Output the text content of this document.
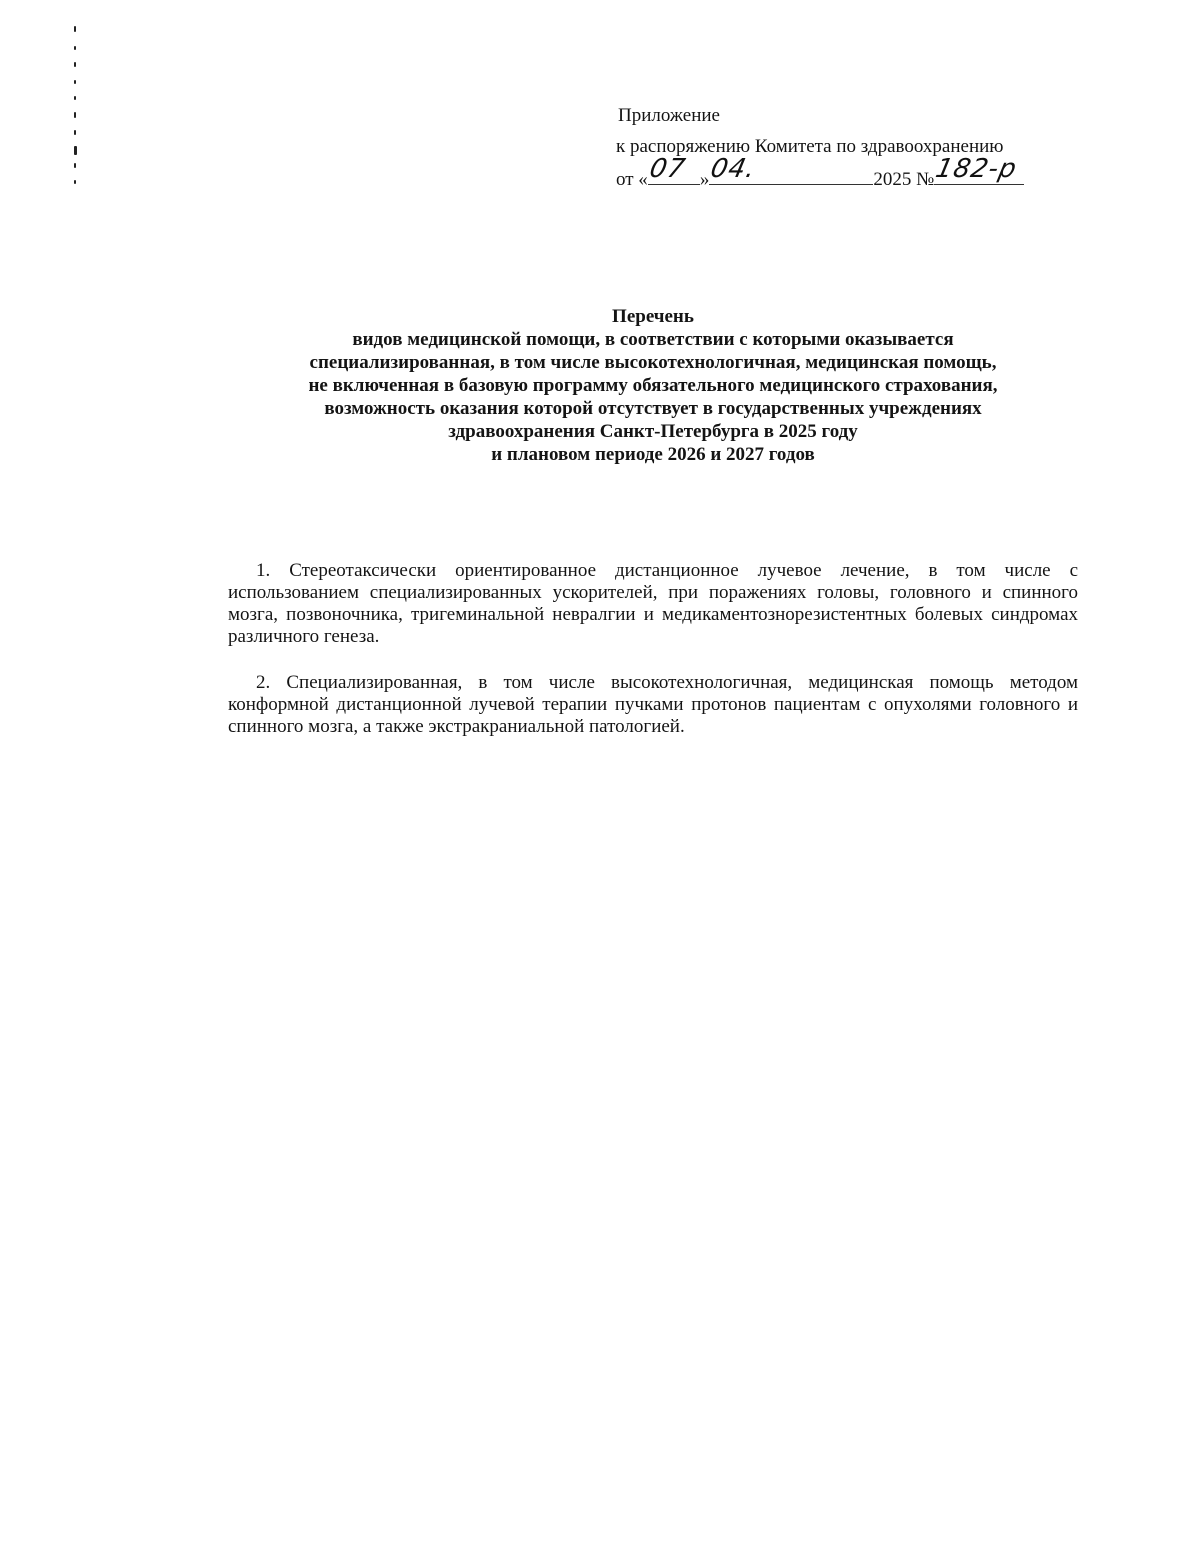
Приложение
к распоряжению Комитета по здравоохранению
от «
07 »
04.	2025 №
182-р
Перечень
видов медицинской помощи, в соответствии с которыми оказывается
специализированная, в том числе высокотехнологичная, медицинская помощь,
не включенная в базовую программу обязательного медицинского страхования,
возможность оказания которой отсутствует в государственных учреждениях
здравоохранения Санкт-Петербурга в 2025 году
и плановом периоде 2026 и 2027 годов

1. Стереотаксически ориентированное дистанционное лучевое лечение, в том числе с использованием специализированных ускорителей, при поражениях головы, головного и спинного мозга, позвоночника, тригеминальной невралгии и медикаментознорезистентных болевых синдромах различного генеза.

2. Специализированная, в том числе высокотехнологичная, медицинская помощь методом конформной дистанционной лучевой терапии пучками протонов пациентам с опухолями головного и спинного мозга, а также экстракраниальной патологией.
